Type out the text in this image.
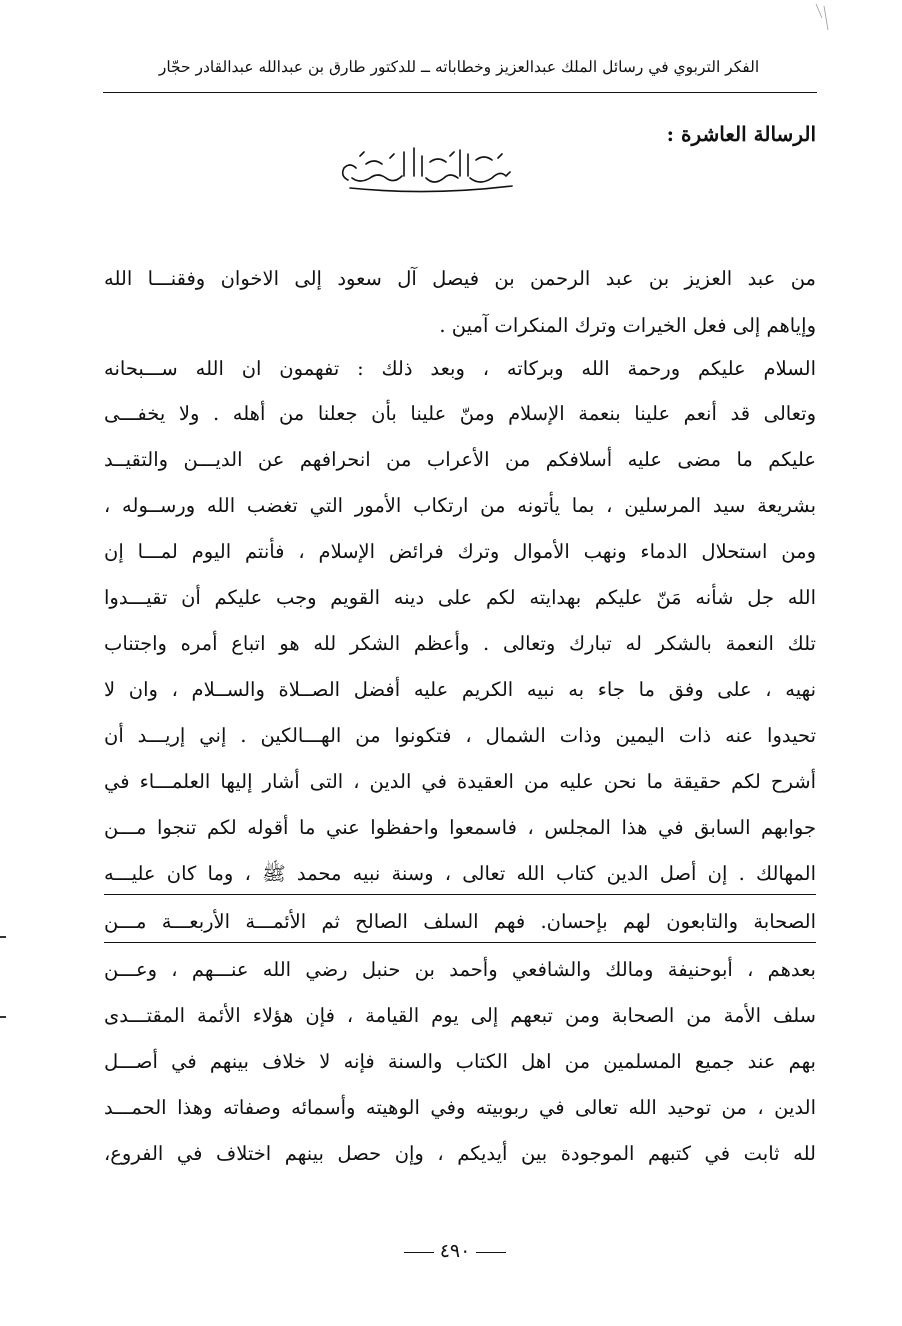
الفكر التربوي في رسائل الملك عبدالعزيز وخطاباته ــ للدكتور طارق بن عبدالله عبدالقادر حجّار
الرسالة العاشرة :
من عبد العزيز بن عبد الرحمن بن فيصل آل سعود إلى الاخوان وفقنـــا الله
وإياهم إلى فعل الخيرات وترك المنكرات آمين .
السلام عليكم ورحمة الله وبركاته ، وبعد ذلك : تفهمون ان الله ســـبحانه
وتعالى قد أنعم علينا بنعمة الإسلام ومنّ علينا بأن جعلنا من أهله . ولا يخفـــى
عليكم ما مضى عليه أسلافكم من الأعراب من انحرافهم عن الديـــن والتقيــد
بشريعة سيد المرسلين ، بما يأتونه من ارتكاب الأمور التي تغضب الله ورســوله ،
ومن استحلال الدماء ونهب الأموال وترك فرائض الإسلام ، فأنتم اليوم لمـــا إن
الله جل شأنه مَنّ عليكم بهدايته لكم على دينه القويم وجب عليكم أن تقيـــدوا
تلك النعمة بالشكر له تبارك وتعالى . وأعظم الشكر لله هو اتباع أمره واجتناب
نهيه ، على وفق ما جاء به نبيه الكريم عليه أفضل الصــلاة والســلام ، وان لا
تحيدوا عنه ذات اليمين وذات الشمال ، فتكونوا من الهـــالكين . إني إريـــد أن
أشرح لكم حقيقة ما نحن عليه من العقيدة في الدين ، التى أشار إليها العلمـــاء في
جوابهم السابق في هذا المجلس ، فاسمعوا واحفظوا عني ما أقوله لكم تنجوا مـــن
المهالك . إن أصل الدين كتاب الله تعالى ، وسنة نبيه محمد ﷺ ، وما كان عليـــه
الصحابة والتابعون لهم بإحسان. فهم السلف الصالح ثم الأئمـــة الأربعـــة مـــن
بعدهم ، أبوحنيفة ومالك والشافعي وأحمد بن حنبل رضي الله عنـــهم ، وعـــن
سلف الأمة من الصحابة ومن تبعهم إلى يوم القيامة ، فإن هؤلاء الأئمة المقتـــدى
بهم عند جميع المسلمين من اهل الكتاب والسنة فإنه لا خلاف بينهم في أصـــل
الدين ، من توحيد الله تعالى في ربوبيته وفي الوهيته وأسمائه وصفاته وهذا الحمـــد
لله ثابت في كتبهم الموجودة بين أيديكم ، وإن حصل بينهم اختلاف في الفروع،
٤٩٠
